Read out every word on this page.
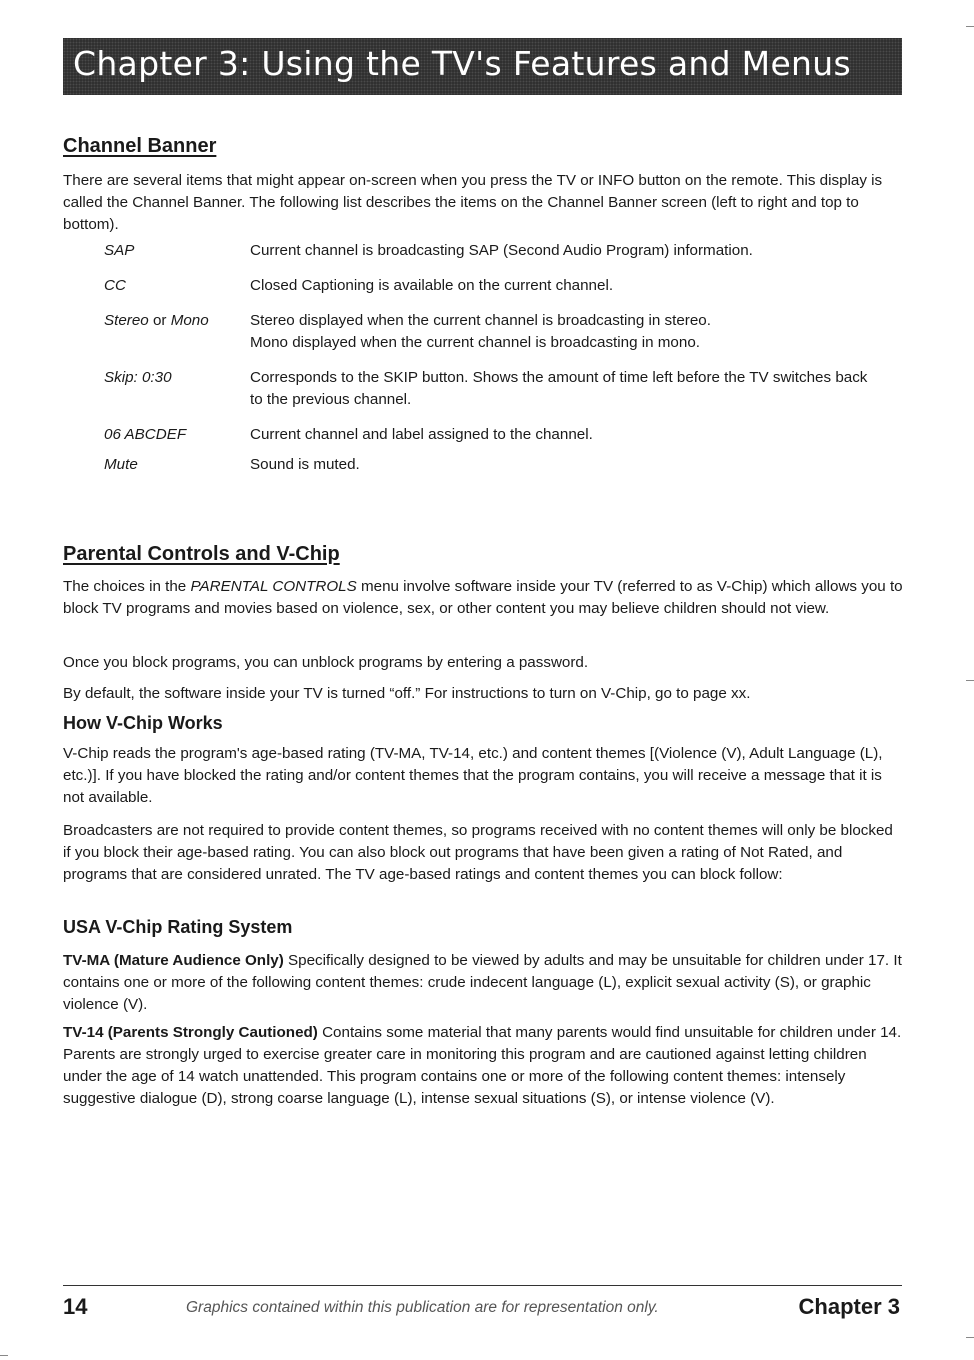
Chapter 3: Using the TV's Features and Menus
Channel Banner

There are several items that might appear on-screen when you press the TV or INFO button on the remote. This display is called the Channel Banner. The following list describes the items on the Channel Banner screen (left to right and top to bottom).

SAP	Current channel is broadcasting SAP (Second Audio Program) information.
CC	Closed Captioning is available on the current channel.
Stereo or Mono	Stereo displayed when the current channel is broadcasting in stereo.
Mono displayed when the current channel is broadcasting in mono.
Skip: 0:30	Corresponds to the SKIP button. Shows the amount of time left before the TV switches back to the previous channel.
06 ABCDEF	Current channel and label assigned to the channel.
Mute	Sound is muted.
Parental Controls and V-Chip

The choices in the PARENTAL CONTROLS menu involve software inside your TV (referred to as V-Chip) which allows you to block TV programs and movies based on violence, sex, or other content you may believe children should not view.

Once you block programs, you can unblock programs by entering a password.

By default, the software inside your TV is turned “off.” For instructions to turn on V-Chip, go to page xx.

How V-Chip Works

V-Chip reads the program's age-based rating (TV-MA, TV-14, etc.) and content themes [(Violence (V), Adult Language (L), etc.)]. If you have blocked the rating and/or content themes that the program contains, you will receive a message that it is not available.

Broadcasters are not required to provide content themes, so programs received with no content themes will only be blocked if you block their age-based rating. You can also block out programs that have been given a rating of Not Rated, and programs that are considered unrated. The TV age-based ratings and content themes you can block follow:

USA V-Chip Rating System

TV-MA (Mature Audience Only) Specifically designed to be viewed by adults and may be unsuitable for children under 17. It contains one or more of the following content themes: crude indecent language (L), explicit sexual activity (S), or graphic violence (V).

TV-14 (Parents Strongly Cautioned) Contains some material that many parents would find unsuitable for children under 14. Parents are strongly urged to exercise greater care in monitoring this program and are cautioned against letting children under the age of 14 watch unattended. This program contains one or more of the following content themes: intensely suggestive dialogue (D), strong coarse language (L), intense sexual situations (S), or intense violence (V).

14	Graphics contained within this publication are for representation only.	Chapter 3
